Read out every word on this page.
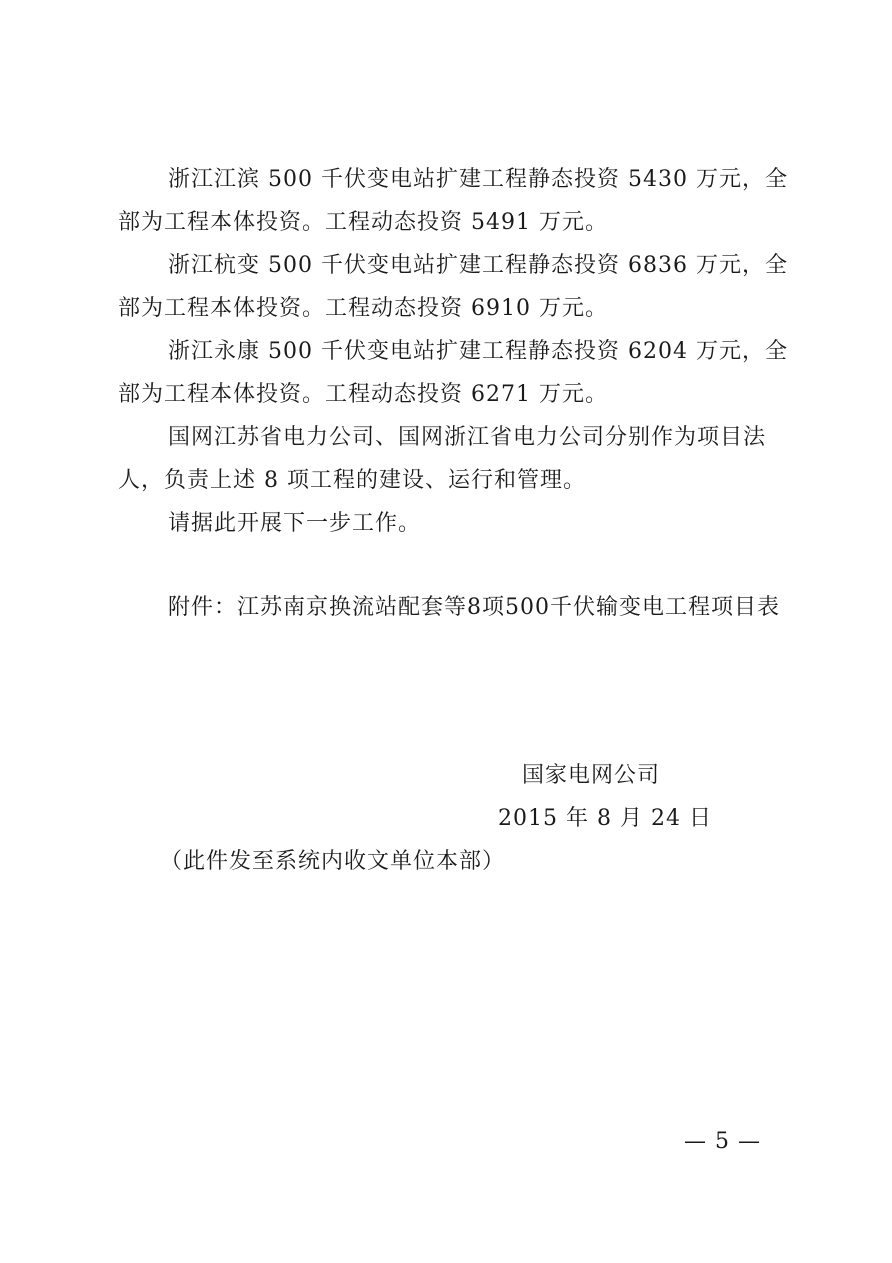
浙江江滨 500 千伏变电站扩建工程静态投资 5430 万元，全
部为工程本体投资。工程动态投资 5491 万元。

浙江杭变 500 千伏变电站扩建工程静态投资 6836 万元，全
部为工程本体投资。工程动态投资 6910 万元。

浙江永康 500 千伏变电站扩建工程静态投资 6204 万元，全
部为工程本体投资。工程动态投资 6271 万元。

国网江苏省电力公司、国网浙江省电力公司分别作为项目法
人，负责上述 8 项工程的建设、运行和管理。

请据此开展下一步工作。

附件：江苏南京换流站配套等8项500千伏输变电工程项目表

国家电网公司

2015 年 8 月 24 日

（此件发至系统内收文单位本部）

— 5 —
